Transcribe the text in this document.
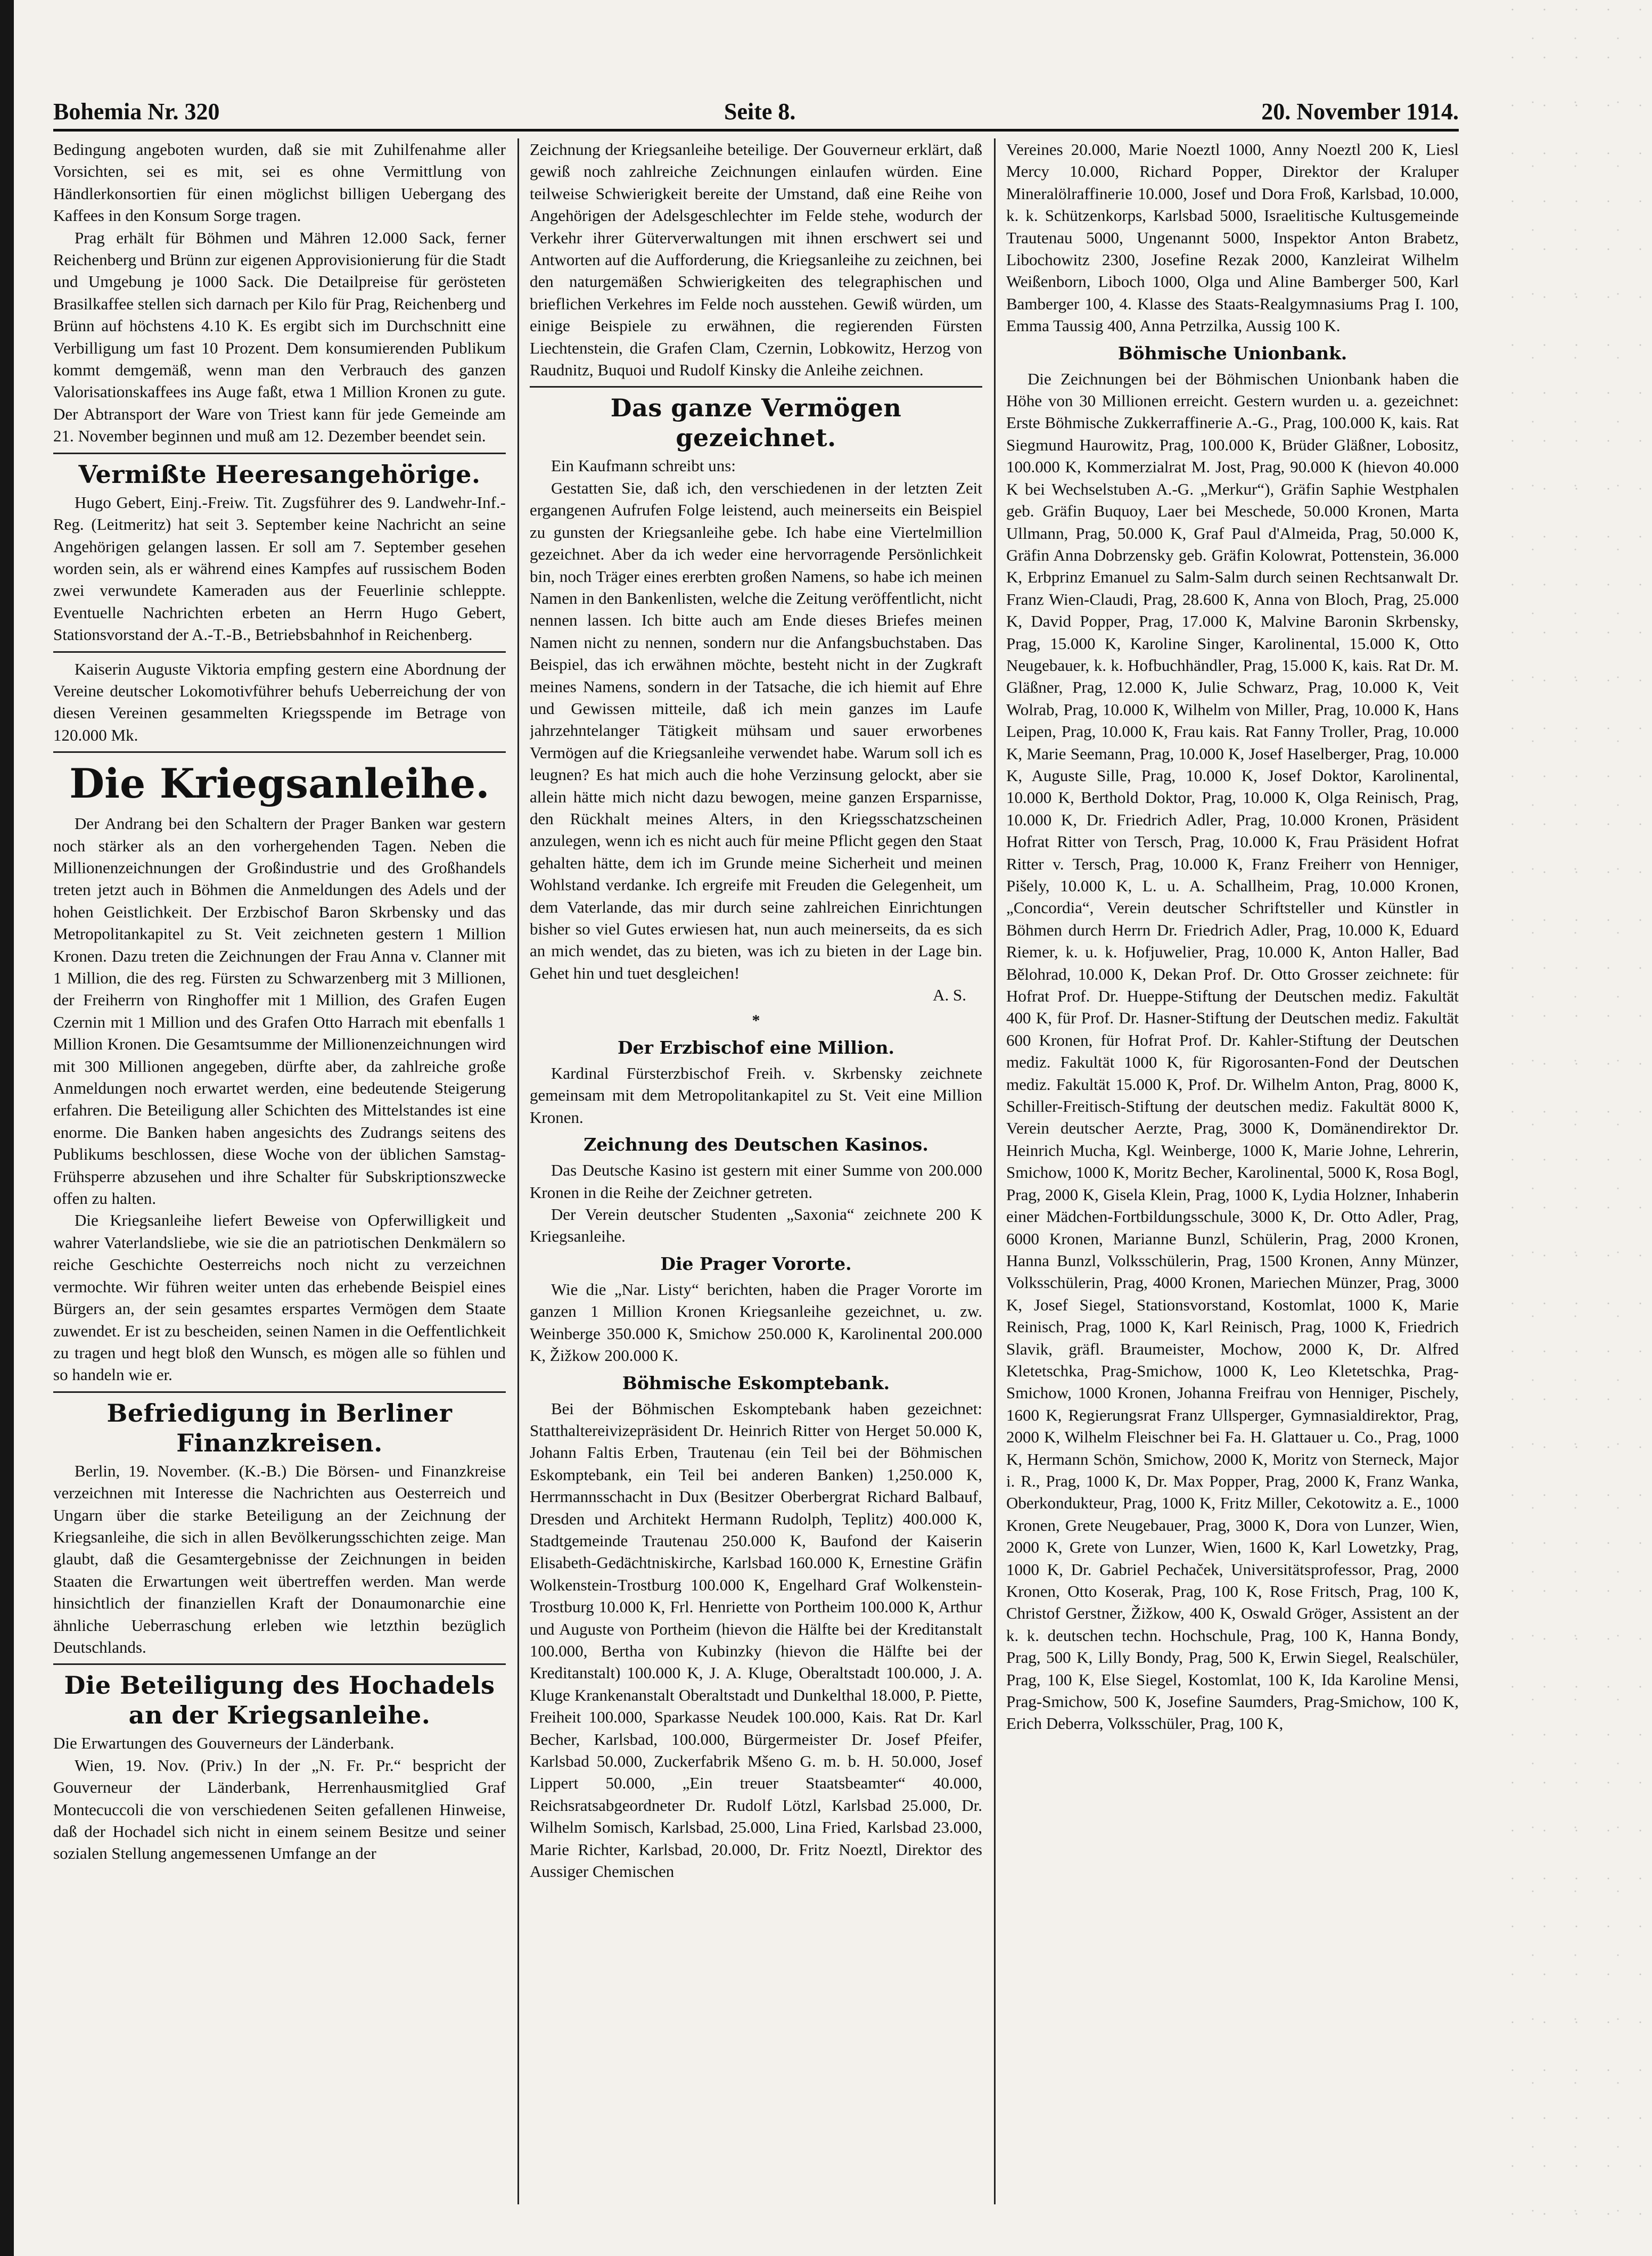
Bohemia Nr. 320	Seite 8.	20. November 1914.

Bedingung angeboten wurden, daß sie mit Zuhilfenahme aller Vorsichten, sei es mit, sei es ohne Vermittlung von Händlerkonsortien für einen möglichst billigen Uebergang des Kaffees in den Konsum Sorge tragen.

Prag erhält für Böhmen und Mähren 12.000 Sack, ferner Reichenberg und Brünn zur eigenen Approvisionierung für die Stadt und Umgebung je 1000 Sack. Die Detailpreise für gerösteten Brasilkaffee stellen sich darnach per Kilo für Prag, Reichenberg und Brünn auf höchstens 4.10 K. Es ergibt sich im Durchschnitt eine Verbilligung um fast 10 Prozent. Dem konsumierenden Publikum kommt demgemäß, wenn man den Verbrauch des ganzen Valorisationskaffees ins Auge faßt, etwa 1 Million Kronen zu gute. Der Abtransport der Ware von Triest kann für jede Gemeinde am 21. November beginnen und muß am 12. Dezember beendet sein.

Vermißte Heeresangehörige.

Hugo Gebert, Einj.-Freiw. Tit. Zugsführer des 9. Landwehr-Inf.-Reg. (Leitmeritz) hat seit 3. September keine Nachricht an seine Angehörigen gelangen lassen. Er soll am 7. September gesehen worden sein, als er während eines Kampfes auf russischem Boden zwei verwundete Kameraden aus der Feuerlinie schleppte. Eventuelle Nachrichten erbeten an Herrn Hugo Gebert, Stationsvorstand der A.-T.-B., Betriebsbahnhof in Reichenberg.

Kaiserin Auguste Viktoria empfing gestern eine Abordnung der Vereine deutscher Lokomotivführer behufs Ueberreichung der von diesen Vereinen gesammelten Kriegsspende im Betrage von 120.000 Mk.

Die Kriegsanleihe.

Der Andrang bei den Schaltern der Prager Banken war gestern noch stärker als an den vorhergehenden Tagen. Neben die Millionenzeichnungen der Großindustrie und des Großhandels treten jetzt auch in Böhmen die Anmeldungen des Adels und der hohen Geistlichkeit. Der Erzbischof Baron Skrbensky und das Metropolitankapitel zu St. Veit zeichneten gestern 1 Million Kronen. Dazu treten die Zeichnungen der Frau Anna v. Clanner mit 1 Million, die des reg. Fürsten zu Schwarzenberg mit 3 Millionen, der Freiherrn von Ringhoffer mit 1 Million, des Grafen Eugen Czernin mit 1 Million und des Grafen Otto Harrach mit ebenfalls 1 Million Kronen. Die Gesamtsumme der Millionenzeichnungen wird mit 300 Millionen angegeben, dürfte aber, da zahlreiche große Anmeldungen noch erwartet werden, eine bedeutende Steigerung erfahren. Die Beteiligung aller Schichten des Mittelstandes ist eine enorme. Die Banken haben angesichts des Zudrangs seitens des Publikums beschlossen, diese Woche von der üblichen Samstag-Frühsperre abzusehen und ihre Schalter für Subskriptionszwecke offen zu halten.

Die Kriegsanleihe liefert Beweise von Opferwilligkeit und wahrer Vaterlandsliebe, wie sie die an patriotischen Denkmälern so reiche Geschichte Oesterreichs noch nicht zu verzeichnen vermochte. Wir führen weiter unten das erhebende Beispiel eines Bürgers an, der sein gesamtes erspartes Vermögen dem Staate zuwendet. Er ist zu bescheiden, seinen Namen in die Oeffentlichkeit zu tragen und hegt bloß den Wunsch, es mögen alle so fühlen und so handeln wie er.

Befriedigung in Berliner Finanzkreisen.

Berlin, 19. November. (K.-B.) Die Börsen- und Finanzkreise verzeichnen mit Interesse die Nachrichten aus Oesterreich und Ungarn über die starke Beteiligung an der Zeichnung der Kriegsanleihe, die sich in allen Bevölkerungsschichten zeige. Man glaubt, daß die Gesamtergebnisse der Zeichnungen in beiden Staaten die Erwartungen weit übertreffen werden. Man werde hinsichtlich der finanziellen Kraft der Donaumonarchie eine ähnliche Ueberraschung erleben wie letzthin bezüglich Deutschlands.

Die Beteiligung des Hochadels an der Kriegsanleihe.

Die Erwartungen des Gouverneurs der Länderbank.

Wien, 19. Nov. (Priv.) In der „N. Fr. Pr.“ bespricht der Gouverneur der Länderbank, Herrenhausmitglied Graf Montecuccoli die von verschiedenen Seiten gefallenen Hinweise, daß der Hochadel sich nicht in einem seinem Besitze und seiner sozialen Stellung angemessenen Umfange an der

Zeichnung der Kriegsanleihe beteilige. Der Gouverneur erklärt, daß gewiß noch zahlreiche Zeichnungen einlaufen würden. Eine teilweise Schwierigkeit bereite der Umstand, daß eine Reihe von Angehörigen der Adelsgeschlechter im Felde stehe, wodurch der Verkehr ihrer Güterverwaltungen mit ihnen erschwert sei und Antworten auf die Aufforderung, die Kriegsanleihe zu zeichnen, bei den naturgemäßen Schwierigkeiten des telegraphischen und brieflichen Verkehres im Felde noch ausstehen. Gewiß würden, um einige Beispiele zu erwähnen, die regierenden Fürsten Liechtenstein, die Grafen Clam, Czernin, Lobkowitz, Herzog von Raudnitz, Buquoi und Rudolf Kinsky die Anleihe zeichnen.

Das ganze Vermögen gezeichnet.

Ein Kaufmann schreibt uns:

Gestatten Sie, daß ich, den verschiedenen in der letzten Zeit ergangenen Aufrufen Folge leistend, auch meinerseits ein Beispiel zu gunsten der Kriegsanleihe gebe. Ich habe eine Viertelmillion gezeichnet. Aber da ich weder eine hervorragende Persönlichkeit bin, noch Träger eines ererbten großen Namens, so habe ich meinen Namen in den Bankenlisten, welche die Zeitung veröffentlicht, nicht nennen lassen. Ich bitte auch am Ende dieses Briefes meinen Namen nicht zu nennen, sondern nur die Anfangsbuchstaben. Das Beispiel, das ich erwähnen möchte, besteht nicht in der Zugkraft meines Namens, sondern in der Tatsache, die ich hiemit auf Ehre und Gewissen mitteile, daß ich mein ganzes im Laufe jahrzehntelanger Tätigkeit mühsam und sauer erworbenes Vermögen auf die Kriegsanleihe verwendet habe. Warum soll ich es leugnen? Es hat mich auch die hohe Verzinsung gelockt, aber sie allein hätte mich nicht dazu bewogen, meine ganzen Ersparnisse, den Rückhalt meines Alters, in den Kriegsschatzscheinen anzulegen, wenn ich es nicht auch für meine Pflicht gegen den Staat gehalten hätte, dem ich im Grunde meine Sicherheit und meinen Wohlstand verdanke. Ich ergreife mit Freuden die Gelegenheit, um dem Vaterlande, das mir durch seine zahlreichen Einrichtungen bisher so viel Gutes erwiesen hat, nun auch meinerseits, da es sich an mich wendet, das zu bieten, was ich zu bieten in der Lage bin. Gehet hin und tuet desgleichen!

A. S.

*
Der Erzbischof eine Million.

Kardinal Fürsterzbischof Freih. v. Skrbensky zeichnete gemeinsam mit dem Metropolitankapitel zu St. Veit eine Million Kronen.

Zeichnung des Deutschen Kasinos.

Das Deutsche Kasino ist gestern mit einer Summe von 200.000 Kronen in die Reihe der Zeichner getreten.

Der Verein deutscher Studenten „Saxonia“ zeichnete 200 K Kriegsanleihe.

Die Prager Vororte.

Wie die „Nar. Listy“ berichten, haben die Prager Vororte im ganzen 1 Million Kronen Kriegsanleihe gezeichnet, u. zw. Weinberge 350.000 K, Smichow 250.000 K, Karolinental 200.000 K, Žižkow 200.000 K.

Böhmische Eskomptebank.

Bei der Böhmischen Eskomptebank haben gezeichnet: Statthaltereivizepräsident Dr. Heinrich Ritter von Herget 50.000 K, Johann Faltis Erben, Trautenau (ein Teil bei der Böhmischen Eskomptebank, ein Teil bei anderen Banken) 1,250.000 K, Herrmannsschacht in Dux (Besitzer Oberbergrat Richard Balbauf, Dresden und Architekt Hermann Rudolph, Teplitz) 400.000 K, Stadtgemeinde Trautenau 250.000 K, Baufond der Kaiserin Elisabeth-Gedächtniskirche, Karlsbad 160.000 K, Ernestine Gräfin Wolkenstein-Trostburg 100.000 K, Engelhard Graf Wolkenstein-Trostburg 10.000 K, Frl. Henriette von Portheim 100.000 K, Arthur und Auguste von Portheim (hievon die Hälfte bei der Kreditanstalt 100.000, Bertha von Kubinzky (hievon die Hälfte bei der Kreditanstalt) 100.000 K, J. A. Kluge, Oberaltstadt 100.000, J. A. Kluge Krankenanstalt Oberaltstadt und Dunkelthal 18.000, P. Piette, Freiheit 100.000, Sparkasse Neudek 100.000, Kais. Rat Dr. Karl Becher, Karlsbad, 100.000, Bürgermeister Dr. Josef Pfeifer, Karlsbad 50.000, Zuckerfabrik Mšeno G. m. b. H. 50.000, Josef Lippert 50.000, „Ein treuer Staatsbeamter“ 40.000, Reichsratsabgeordneter Dr. Rudolf Lötzl, Karlsbad 25.000, Dr. Wilhelm Somisch, Karlsbad, 25.000, Lina Fried, Karlsbad 23.000, Marie Richter, Karlsbad, 20.000, Dr. Fritz Noeztl, Direktor des Aussiger Chemischen

Vereines 20.000, Marie Noeztl 1000, Anny Noeztl 200 K, Liesl Mercy 10.000, Richard Popper, Direktor der Kraluper Mineralölraffinerie 10.000, Josef und Dora Froß, Karlsbad, 10.000, k. k. Schützenkorps, Karlsbad 5000, Israelitische Kultusgemeinde Trautenau 5000, Ungenannt 5000, Inspektor Anton Brabetz, Libochowitz 2300, Josefine Rezak 2000, Kanzleirat Wilhelm Weißenborn, Liboch 1000, Olga und Aline Bamberger 500, Karl Bamberger 100, 4. Klasse des Staats-Realgymnasiums Prag I. 100, Emma Taussig 400, Anna Petrzilka, Aussig 100 K.

Böhmische Unionbank.

Die Zeichnungen bei der Böhmischen Unionbank haben die Höhe von 30 Millionen erreicht. Gestern wurden u. a. gezeichnet: Erste Böhmische Zukkerraffinerie A.-G., Prag, 100.000 K, kais. Rat Siegmund Haurowitz, Prag, 100.000 K, Brüder Gläßner, Lobositz, 100.000 K, Kommerzialrat M. Jost, Prag, 90.000 K (hievon 40.000 K bei Wechselstuben A.-G. „Merkur“), Gräfin Saphie Westphalen geb. Gräfin Buquoy, Laer bei Meschede, 50.000 Kronen, Marta Ullmann, Prag, 50.000 K, Graf Paul d'Almeida, Prag, 50.000 K, Gräfin Anna Dobrzensky geb. Gräfin Kolowrat, Pottenstein, 36.000 K, Erbprinz Emanuel zu Salm-Salm durch seinen Rechtsanwalt Dr. Franz Wien-Claudi, Prag, 28.600 K, Anna von Bloch, Prag, 25.000 K, David Popper, Prag, 17.000 K, Malvine Baronin Skrbensky, Prag, 15.000 K, Karoline Singer, Karolinental, 15.000 K, Otto Neugebauer, k. k. Hofbuchhändler, Prag, 15.000 K, kais. Rat Dr. M. Gläßner, Prag, 12.000 K, Julie Schwarz, Prag, 10.000 K, Veit Wolrab, Prag, 10.000 K, Wilhelm von Miller, Prag, 10.000 K, Hans Leipen, Prag, 10.000 K, Frau kais. Rat Fanny Troller, Prag, 10.000 K, Marie Seemann, Prag, 10.000 K, Josef Haselberger, Prag, 10.000 K, Auguste Sille, Prag, 10.000 K, Josef Doktor, Karolinental, 10.000 K, Berthold Doktor, Prag, 10.000 K, Olga Reinisch, Prag, 10.000 K, Dr. Friedrich Adler, Prag, 10.000 Kronen, Präsident Hofrat Ritter von Tersch, Prag, 10.000 K, Frau Präsident Hofrat Ritter v. Tersch, Prag, 10.000 K, Franz Freiherr von Henniger, Pišely, 10.000 K, L. u. A. Schallheim, Prag, 10.000 Kronen, „Concordia“, Verein deutscher Schriftsteller und Künstler in Böhmen durch Herrn Dr. Friedrich Adler, Prag, 10.000 K, Eduard Riemer, k. u. k. Hofjuwelier, Prag, 10.000 K, Anton Haller, Bad Bělohrad, 10.000 K, Dekan Prof. Dr. Otto Grosser zeichnete: für Hofrat Prof. Dr. Hueppe-Stiftung der Deutschen mediz. Fakultät 400 K, für Prof. Dr. Hasner-Stiftung der Deutschen mediz. Fakultät 600 Kronen, für Hofrat Prof. Dr. Kahler-Stiftung der Deutschen mediz. Fakultät 1000 K, für Rigorosanten-Fond der Deutschen mediz. Fakultät 15.000 K, Prof. Dr. Wilhelm Anton, Prag, 8000 K, Schiller-Freitisch-Stiftung der deutschen mediz. Fakultät 8000 K, Verein deutscher Aerzte, Prag, 3000 K, Domänendirektor Dr. Heinrich Mucha, Kgl. Weinberge, 1000 K, Marie Johne, Lehrerin, Smichow, 1000 K, Moritz Becher, Karolinental, 5000 K, Rosa Bogl, Prag, 2000 K, Gisela Klein, Prag, 1000 K, Lydia Holzner, Inhaberin einer Mädchen-Fortbildungsschule, 3000 K, Dr. Otto Adler, Prag, 6000 Kronen, Marianne Bunzl, Schülerin, Prag, 2000 Kronen, Hanna Bunzl, Volksschülerin, Prag, 1500 Kronen, Anny Münzer, Volksschülerin, Prag, 4000 Kronen, Mariechen Münzer, Prag, 3000 K, Josef Siegel, Stationsvorstand, Kostomlat, 1000 K, Marie Reinisch, Prag, 1000 K, Karl Reinisch, Prag, 1000 K, Friedrich Slavik, gräfl. Braumeister, Mochow, 2000 K, Dr. Alfred Kletetschka, Prag-Smichow, 1000 K, Leo Kletetschka, Prag-Smichow, 1000 Kronen, Johanna Freifrau von Henniger, Pischely, 1600 K, Regierungsrat Franz Ullsperger, Gymnasialdirektor, Prag, 2000 K, Wilhelm Fleischner bei Fa. H. Glattauer u. Co., Prag, 1000 K, Hermann Schön, Smichow, 2000 K, Moritz von Sterneck, Major i. R., Prag, 1000 K, Dr. Max Popper, Prag, 2000 K, Franz Wanka, Oberkondukteur, Prag, 1000 K, Fritz Miller, Cekotowitz a. E., 1000 Kronen, Grete Neugebauer, Prag, 3000 K, Dora von Lunzer, Wien, 2000 K, Grete von Lunzer, Wien, 1600 K, Karl Lowetzky, Prag, 1000 K, Dr. Gabriel Pechaček, Universitätsprofessor, Prag, 2000 Kronen, Otto Koserak, Prag, 100 K, Rose Fritsch, Prag, 100 K, Christof Gerstner, Žižkow, 400 K, Oswald Gröger, Assistent an der k. k. deutschen techn. Hochschule, Prag, 100 K, Hanna Bondy, Prag, 500 K, Lilly Bondy, Prag, 500 K, Erwin Siegel, Realschüler, Prag, 100 K, Else Siegel, Kostomlat, 100 K, Ida Karoline Mensi, Prag-Smichow, 500 K, Josefine Saumders, Prag-Smichow, 100 K, Erich Deberra, Volksschüler, Prag, 100 K,
